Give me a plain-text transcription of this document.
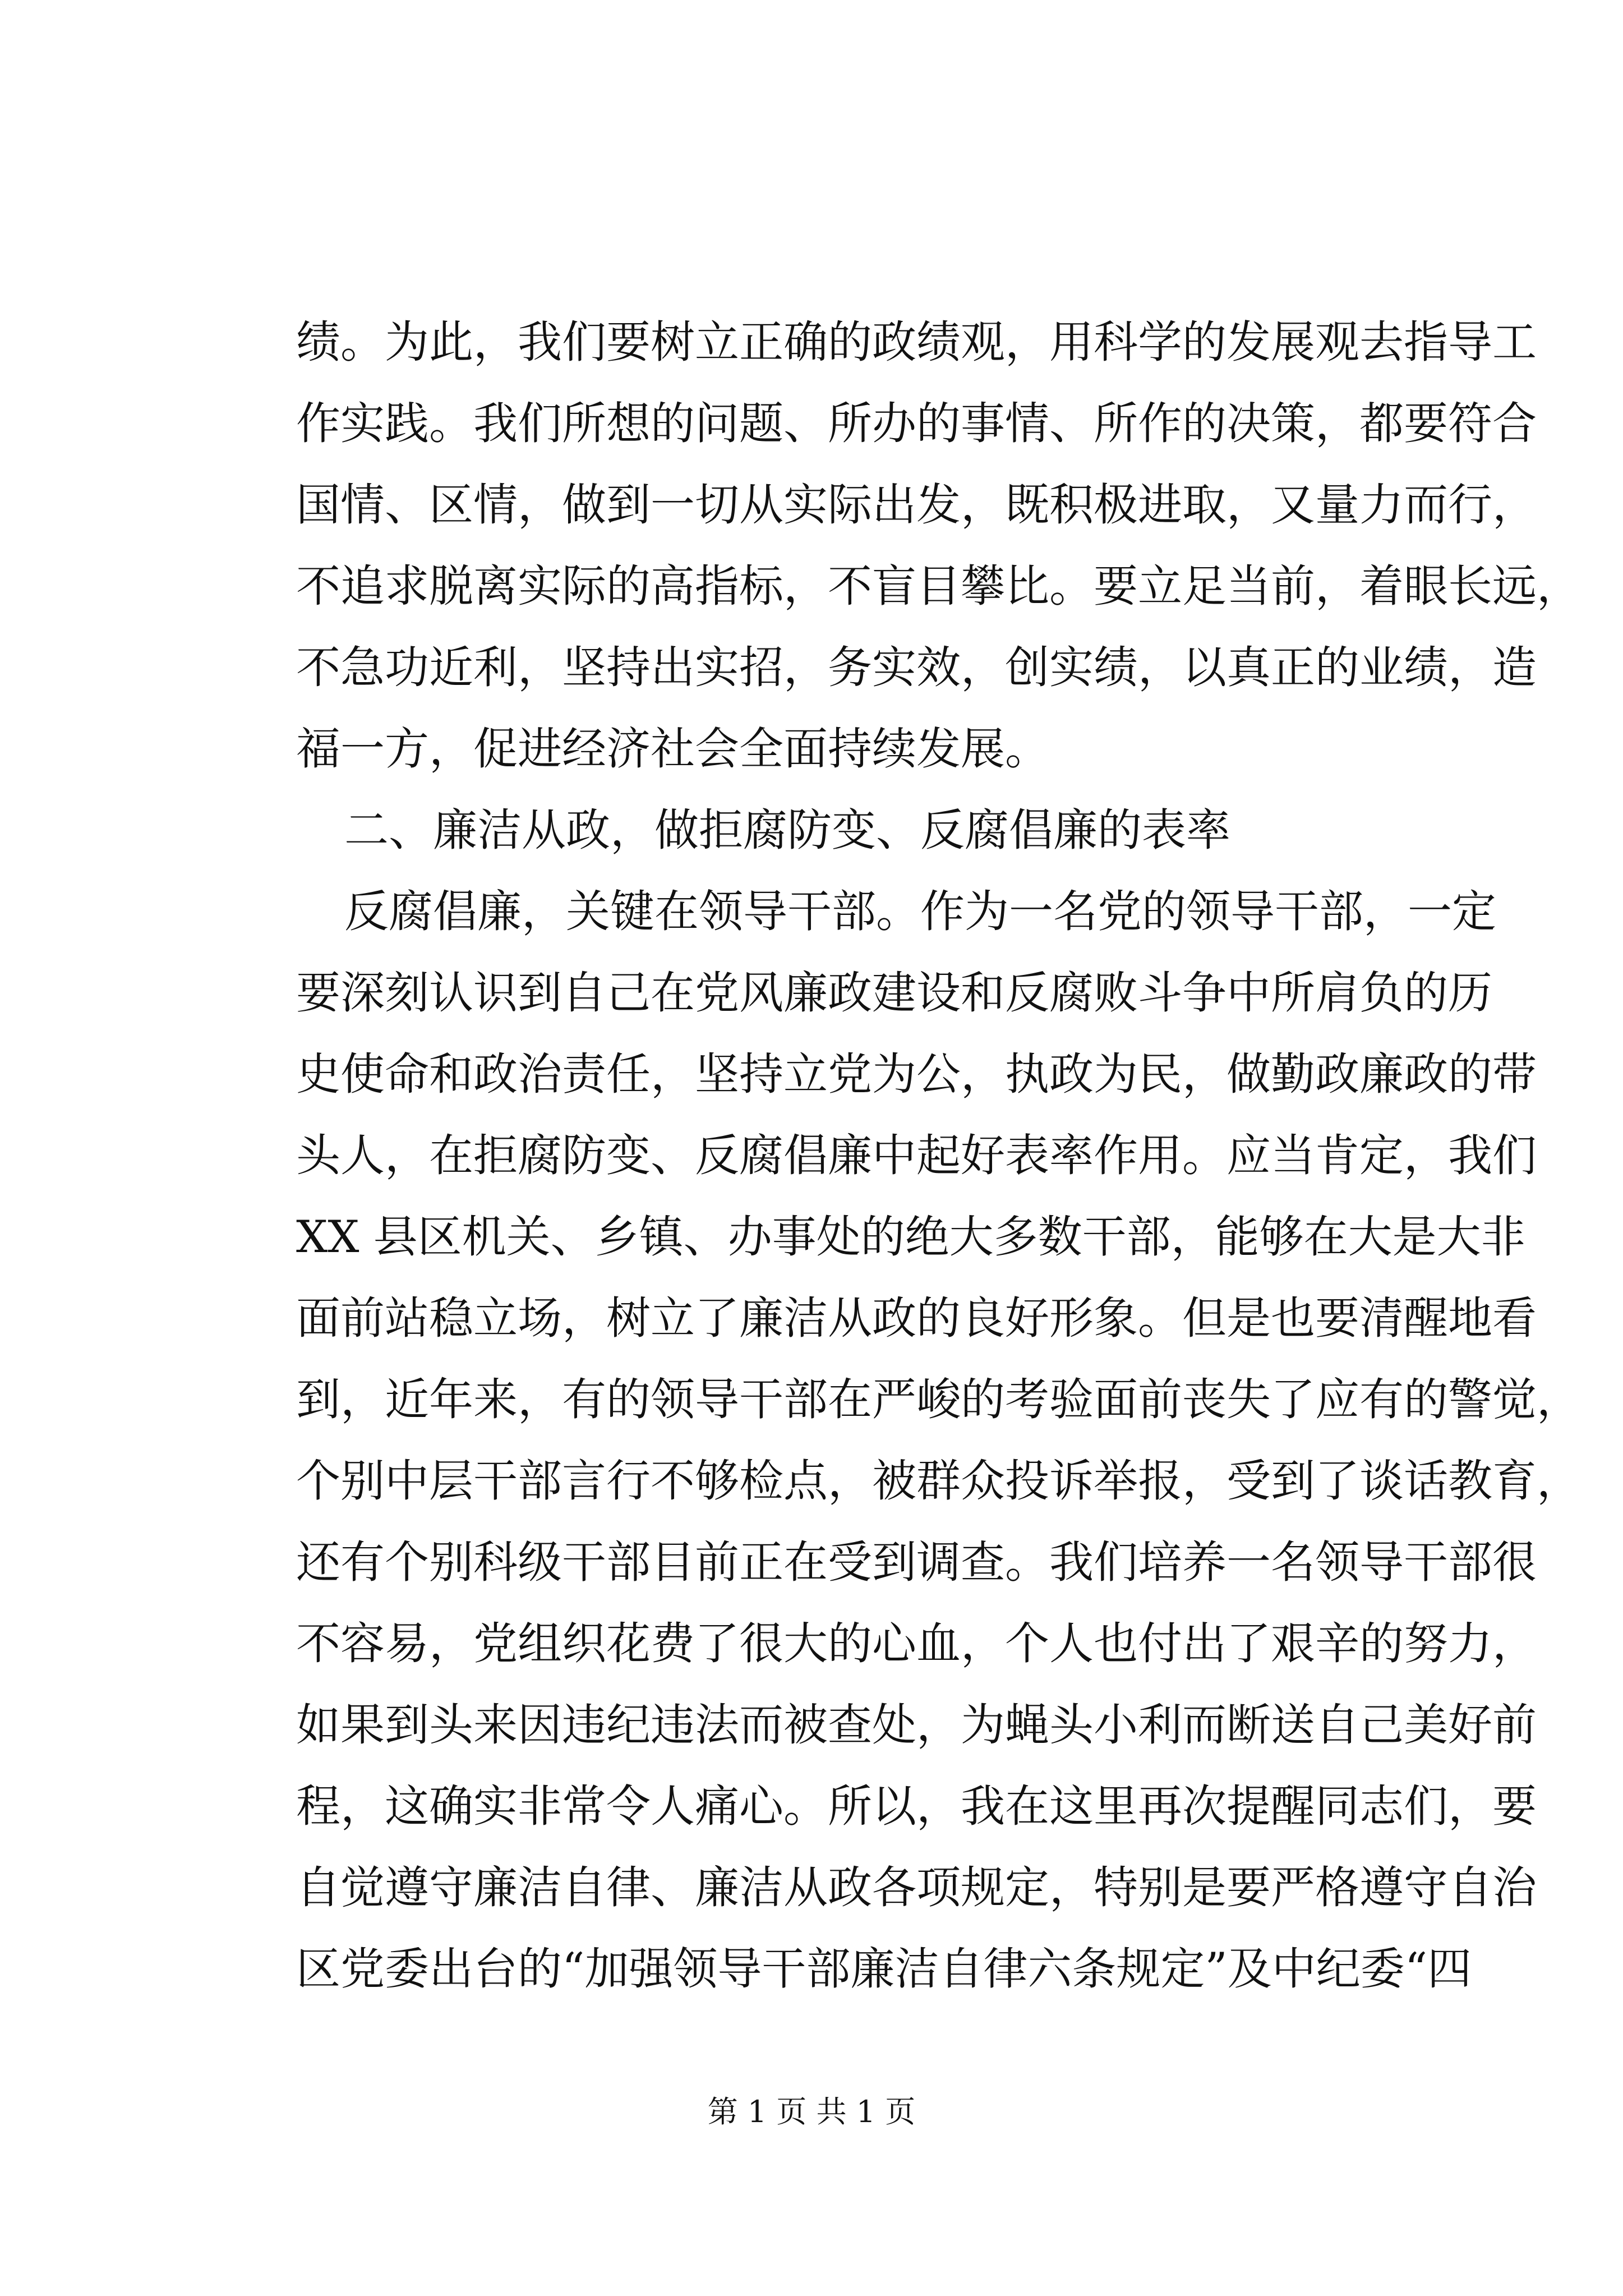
绩。为此，我们要树立正确的政绩观，用科学的发展观去指导工
作实践。我们所想的问题、所办的事情、所作的决策，都要符合
国情、区情，做到一切从实际出发，既积极进取，又量力而行，
不追求脱离实际的高指标，不盲目攀比。要立足当前，着眼长远，
不急功近利，坚持出实招，务实效，创实绩，以真正的业绩，造
福一方，促进经济社会全面持续发展。
二、廉洁从政，做拒腐防变、反腐倡廉的表率
反腐倡廉，关键在领导干部。作为一名党的领导干部，一定
要深刻认识到自己在党风廉政建设和反腐败斗争中所肩负的历
史使命和政治责任，坚持立党为公，执政为民，做勤政廉政的带
头人，在拒腐防变、反腐倡廉中起好表率作用。应当肯定，我们
XX 县区机关、乡镇、办事处的绝大多数干部，能够在大是大非
面前站稳立场，树立了廉洁从政的良好形象。但是也要清醒地看
到，近年来，有的领导干部在严峻的考验面前丧失了应有的警觉，
个别中层干部言行不够检点，被群众投诉举报，受到了谈话教育，
还有个别科级干部目前正在受到调查。我们培养一名领导干部很
不容易，党组织花费了很大的心血，个人也付出了艰辛的努力，
如果到头来因违纪违法而被查处，为蝇头小利而断送自己美好前
程，这确实非常令人痛心。所以，我在这里再次提醒同志们，要
自觉遵守廉洁自律、廉洁从政各项规定，特别是要严格遵守自治
区党委出台的“加强领导干部廉洁自律六条规定”及中纪委“四
第 1 页 共 1 页
